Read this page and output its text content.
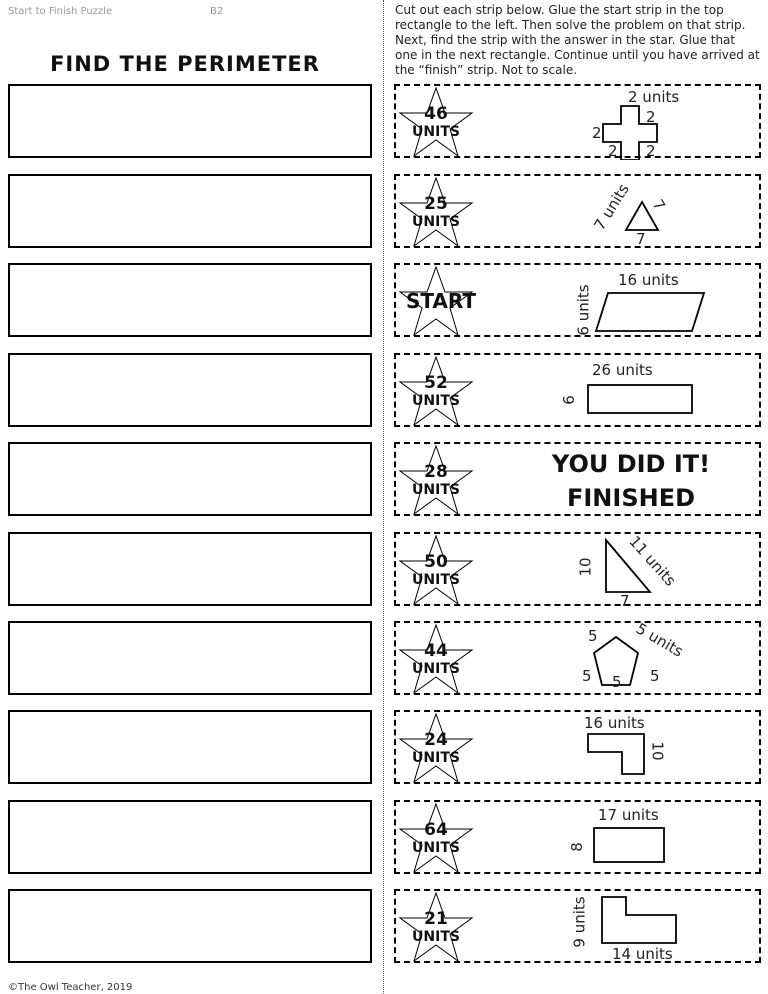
Start to Finish Puzzle	B2
FIND THE PERIMETER
Cut out each strip below. Glue the start strip in the top rectangle to the left. Then solve the problem on that strip. Next, find the strip with the answer in the star. Glue that one in the next rectangle. Continue until you have arrived at the “finish” strip. Not to scale.
46
UNITS
2 units
2
2
2 2
25
UNITS	7 units 7
7
START
16 units
6 units
52
UNITS
26 units
6
28
UNITS
YOU DID IT!
FINISHED
50
UNITS	11 units
10
7
44
UNITS
5 5 units
5 5 5
24
UNITS
16 units
10
64
UNITS
17 units
8
21
UNITS	9 units
14 units
©The Owl Teacher, 2019
